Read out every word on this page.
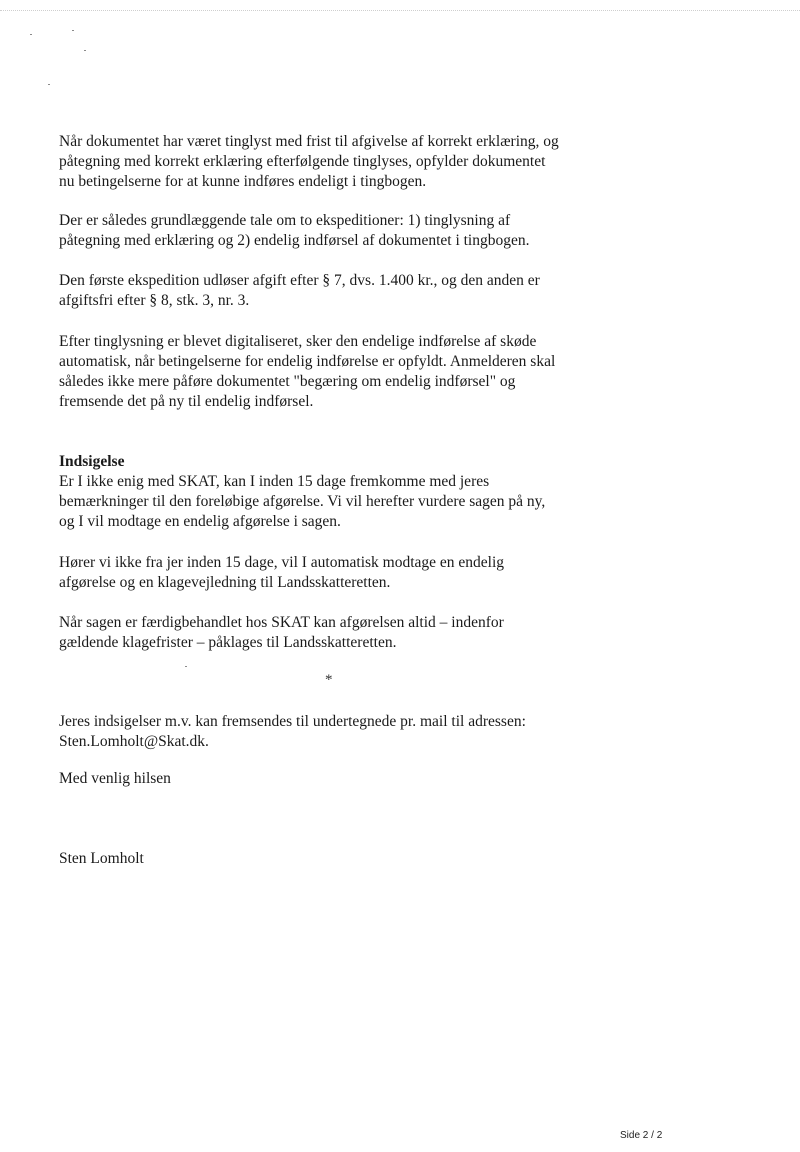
Når dokumentet har været tinglyst med frist til afgivelse af korrekt erklæring, og
påtegning med korrekt erklæring efterfølgende tinglyses, opfylder dokumentet
nu betingelserne for at kunne indføres endeligt i tingbogen.

Der er således grundlæggende tale om to ekspeditioner: 1) tinglysning af
påtegning med erklæring og 2) endelig indførsel af dokumentet i tingbogen.

Den første ekspedition udløser afgift efter § 7, dvs. 1.400 kr., og den anden er
afgiftsfri efter § 8, stk. 3, nr. 3.

Efter tinglysning er blevet digitaliseret, sker den endelige indførelse af skøde
automatisk, når betingelserne for endelig indførelse er opfyldt. Anmelderen skal
således ikke mere påføre dokumentet "begæring om endelig indførsel" og
fremsende det på ny til endelig indførsel.

Indsigelse
Er I ikke enig med SKAT, kan I inden 15 dage fremkomme med jeres
bemærkninger til den foreløbige afgørelse. Vi vil herefter vurdere sagen på ny,
og I vil modtage en endelig afgørelse i sagen.

Hører vi ikke fra jer inden 15 dage, vil I automatisk modtage en endelig
afgørelse og en klagevejledning til Landsskatteretten.

Når sagen er færdigbehandlet hos SKAT kan afgørelsen altid – indenfor
gældende klagefrister – påklages til Landsskatteretten.

*

Jeres indsigelser m.v. kan fremsendes til undertegnede pr. mail til adressen:
Sten.Lomholt@Skat.dk.

Med venlig hilsen

Sten Lomholt

Side 2 / 2
